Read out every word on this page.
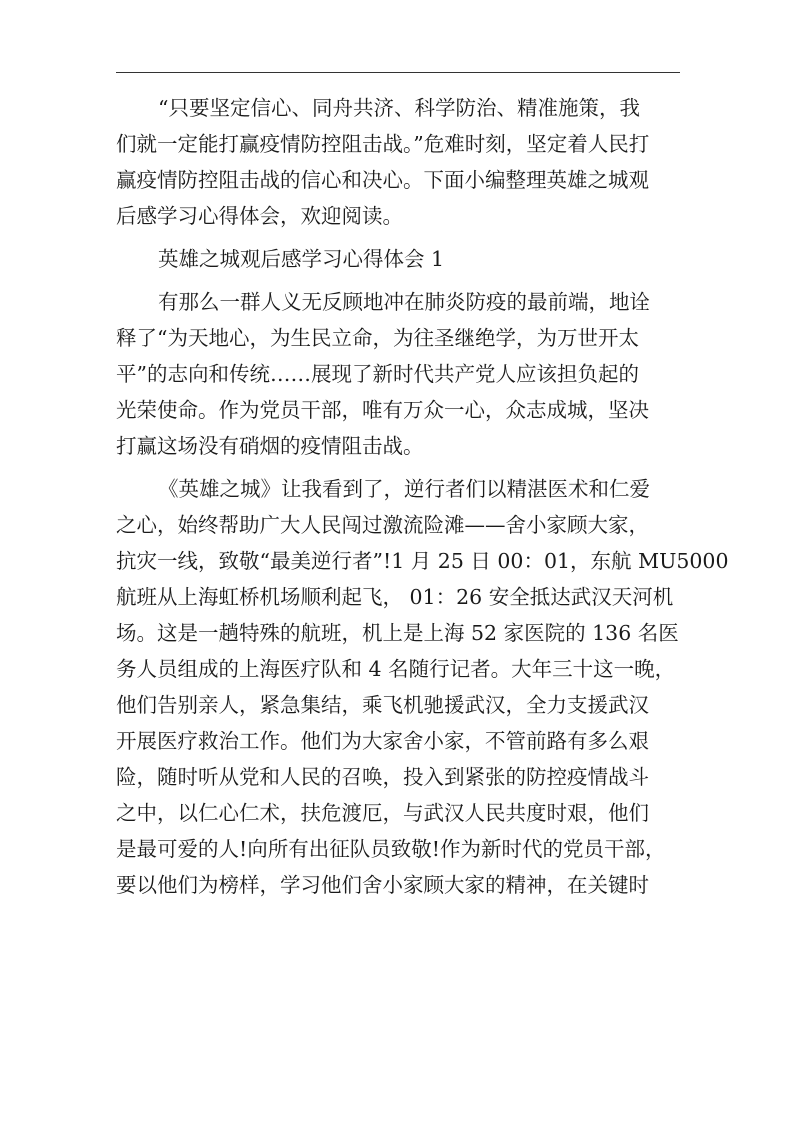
“只要坚定信心、同舟共济、科学防治、精准施策，我
们就一定能打赢疫情防控阻击战。”危难时刻，坚定着人民打
赢疫情防控阻击战的信心和决心。下面小编整理英雄之城观
后感学习心得体会，欢迎阅读。
英雄之城观后感学习心得体会 1
有那么一群人义无反顾地冲在肺炎防疫的最前端，地诠
释了“为天地心，为生民立命，为往圣继绝学，为万世开太
平”的志向和传统……展现了新时代共产党人应该担负起的
光荣使命。作为党员干部，唯有万众一心，众志成城，坚决
打赢这场没有硝烟的疫情阻击战。
《英雄之城》让我看到了，逆行者们以精湛医术和仁爱
之心，始终帮助广大人民闯过激流险滩——舍小家顾大家，
抗灾一线，致敬“最美逆行者”!1 月 25 日 00：01，东航 MU5000
航班从上海虹桥机场顺利起飞， 01：26 安全抵达武汉天河机
场。这是一趟特殊的航班，机上是上海 52 家医院的 136 名医
务人员组成的上海医疗队和 4 名随行记者。大年三十这一晚，
他们告别亲人，紧急集结，乘飞机驰援武汉，全力支援武汉
开展医疗救治工作。他们为大家舍小家，不管前路有多么艰
险，随时听从党和人民的召唤，投入到紧张的防控疫情战斗
之中，以仁心仁术，扶危渡厄，与武汉人民共度时艰，他们
是最可爱的人!向所有出征队员致敬!作为新时代的党员干部，
要以他们为榜样，学习他们舍小家顾大家的精神，在关键时
